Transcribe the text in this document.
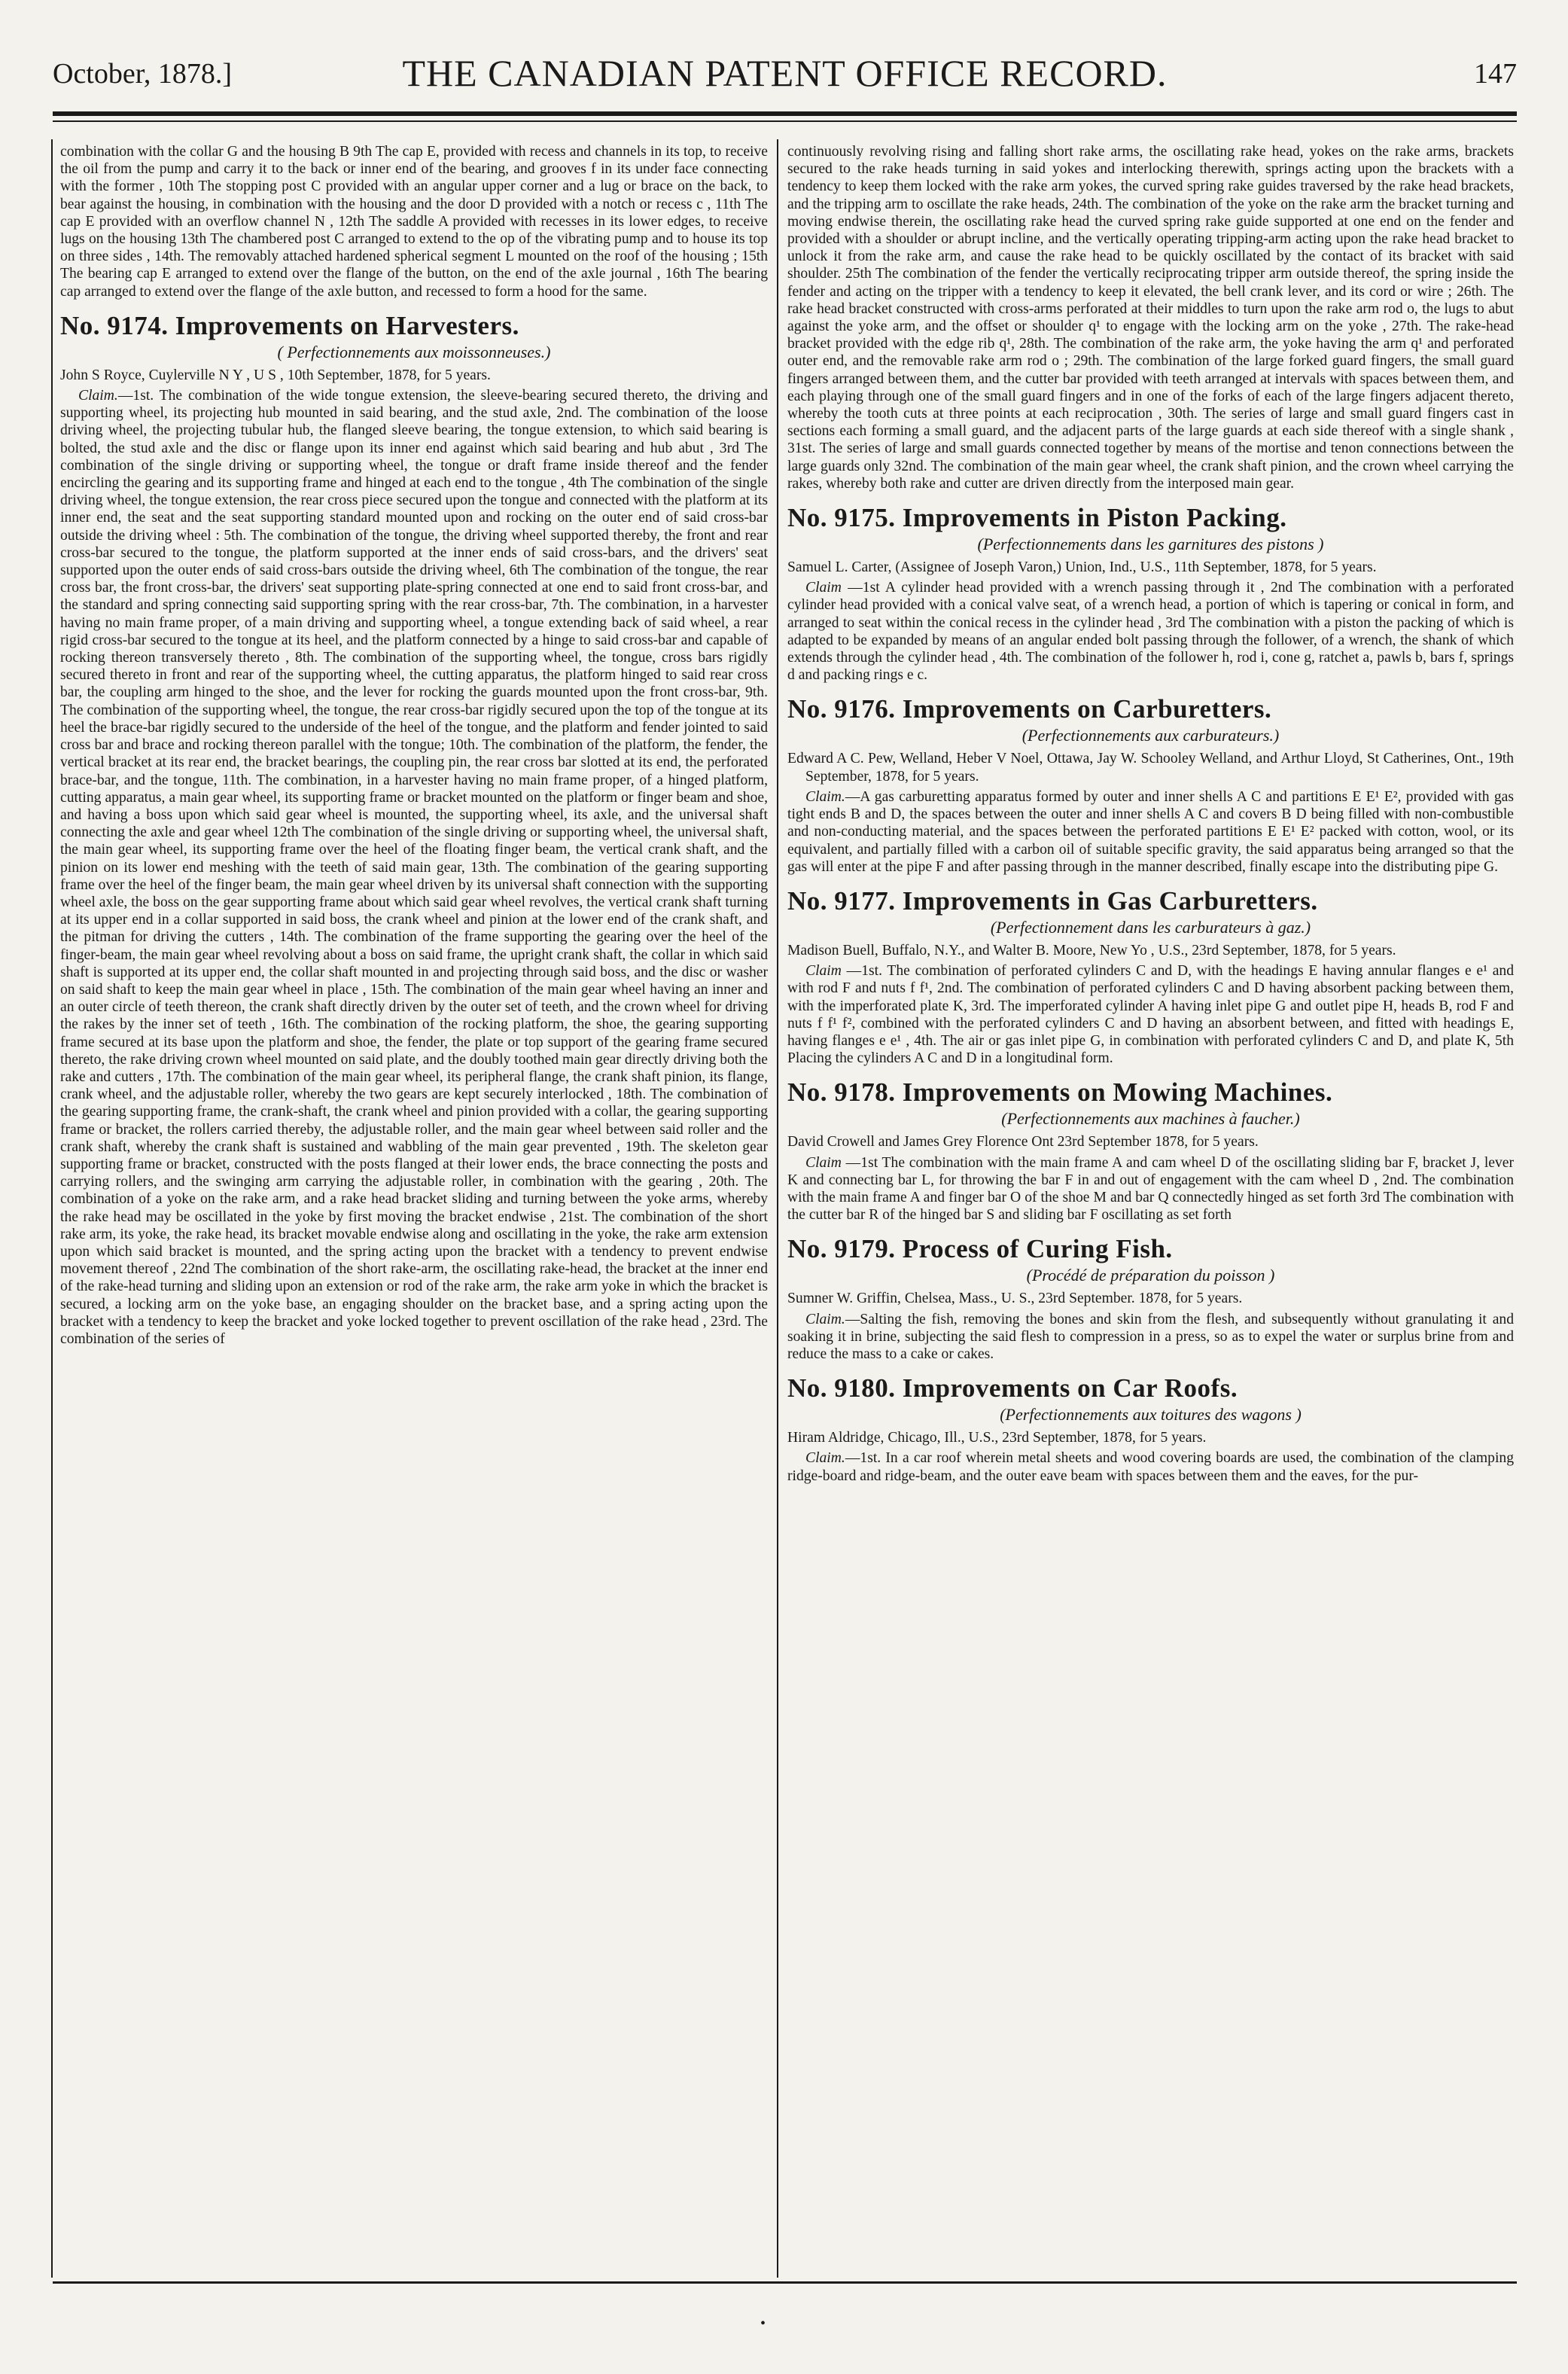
October, 1878.]	THE CANADIAN PATENT OFFICE RECORD.	147

combination with the collar G and the housing B 9th The cap E, provided with recess and channels in its top, to receive the oil from the pump and carry it to the back or inner end of the bearing, and grooves f in its under face connecting with the former , 10th The stopping post C provided with an angular upper corner and a lug or brace on the back, to bear against the housing, in combination with the housing and the door D provided with a notch or recess c , 11th The cap E provided with an overflow channel N , 12th The saddle A provided with recesses in its lower edges, to receive lugs on the housing 13th The chambered post C arranged to extend to the op of the vibrating pump and to house its top on three sides , 14th. The removably attached hardened spherical segment L mounted on the roof of the housing ; 15th The bearing cap E arranged to extend over the flange of the button, on the end of the axle journal , 16th The bearing cap arranged to extend over the flange of the axle button, and recessed to form a hood for the same.

No. 9174. Improvements on Harvesters.
( Perfectionnements aux moissonneuses.)

John S Royce, Cuylerville N Y , U S , 10th September, 1878, for 5 years.

Claim.—1st. The combination of the wide tongue extension, the sleeve-bearing secured thereto, the driving and supporting wheel, its projecting hub mounted in said bearing, and the stud axle, 2nd. The combination of the loose driving wheel, the projecting tubular hub, the flanged sleeve bearing, the tongue extension, to which said bearing is bolted, the stud axle and the disc or flange upon its inner end against which said bearing and hub abut , 3rd The combination of the single driving or supporting wheel, the tongue or draft frame inside thereof and the fender encircling the gearing and its supporting frame and hinged at each end to the tongue , 4th The combination of the single driving wheel, the tongue extension, the rear cross piece secured upon the tongue and connected with the platform at its inner end, the seat and the seat supporting standard mounted upon and rocking on the outer end of said cross-bar outside the driving wheel : 5th. The combination of the tongue, the driving wheel supported thereby, the front and rear cross-bar secured to the tongue, the platform supported at the inner ends of said cross-bars, and the drivers' seat supported upon the outer ends of said cross-bars outside the driving wheel, 6th The combination of the tongue, the rear cross bar, the front cross-bar, the drivers' seat supporting plate-spring connected at one end to said front cross-bar, and the standard and spring connecting said supporting spring with the rear cross-bar, 7th. The combination, in a harvester having no main frame proper, of a main driving and supporting wheel, a tongue extending back of said wheel, a rear rigid cross-bar secured to the tongue at its heel, and the platform connected by a hinge to said cross-bar and capable of rocking thereon transversely thereto , 8th. The combination of the supporting wheel, the tongue, cross bars rigidly secured thereto in front and rear of the supporting wheel, the cutting apparatus, the platform hinged to said rear cross bar, the coupling arm hinged to the shoe, and the lever for rocking the guards mounted upon the front cross-bar, 9th. The combination of the supporting wheel, the tongue, the rear cross-bar rigidly secured upon the top of the tongue at its heel the brace-bar rigidly secured to the underside of the heel of the tongue, and the platform and fender jointed to said cross bar and brace and rocking thereon parallel with the tongue; 10th. The combination of the platform, the fender, the vertical bracket at its rear end, the bracket bearings, the coupling pin, the rear cross bar slotted at its end, the perforated brace-bar, and the tongue, 11th. The combination, in a harvester having no main frame proper, of a hinged platform, cutting apparatus, a main gear wheel, its supporting frame or bracket mounted on the platform or finger beam and shoe, and having a boss upon which said gear wheel is mounted, the supporting wheel, its axle, and the universal shaft connecting the axle and gear wheel 12th The combination of the single driving or supporting wheel, the universal shaft, the main gear wheel, its supporting frame over the heel of the floating finger beam, the vertical crank shaft, and the pinion on its lower end meshing with the teeth of said main gear, 13th. The combination of the gearing supporting frame over the heel of the finger beam, the main gear wheel driven by its universal shaft connection with the supporting wheel axle, the boss on the gear supporting frame about which said gear wheel revolves, the vertical crank shaft turning at its upper end in a collar supported in said boss, the crank wheel and pinion at the lower end of the crank shaft, and the pitman for driving the cutters , 14th. The combination of the frame supporting the gearing over the heel of the finger-beam, the main gear wheel revolving about a boss on said frame, the upright crank shaft, the collar in which said shaft is supported at its upper end, the collar shaft mounted in and projecting through said boss, and the disc or washer on said shaft to keep the main gear wheel in place , 15th. The combination of the main gear wheel having an inner and an outer circle of teeth thereon, the crank shaft directly driven by the outer set of teeth, and the crown wheel for driving the rakes by the inner set of teeth , 16th. The combination of the rocking platform, the shoe, the gearing supporting frame secured at its base upon the platform and shoe, the fender, the plate or top support of the gearing frame secured thereto, the rake driving crown wheel mounted on said plate, and the doubly toothed main gear directly driving both the rake and cutters , 17th. The combination of the main gear wheel, its peripheral flange, the crank shaft pinion, its flange, crank wheel, and the adjustable roller, whereby the two gears are kept securely interlocked , 18th. The combination of the gearing supporting frame, the crank-shaft, the crank wheel and pinion provided with a collar, the gearing supporting frame or bracket, the rollers carried thereby, the adjustable roller, and the main gear wheel between said roller and the crank shaft, whereby the crank shaft is sustained and wabbling of the main gear prevented , 19th. The skeleton gear supporting frame or bracket, constructed with the posts flanged at their lower ends, the brace connecting the posts and carrying rollers, and the swinging arm carrying the adjustable roller, in combination with the gearing , 20th. The combination of a yoke on the rake arm, and a rake head bracket sliding and turning between the yoke arms, whereby the rake head may be oscillated in the yoke by first moving the bracket endwise , 21st. The combination of the short rake arm, its yoke, the rake head, its bracket movable endwise along and oscillating in the yoke, the rake arm extension upon which said bracket is mounted, and the spring acting upon the bracket with a tendency to prevent endwise movement thereof , 22nd The combination of the short rake-arm, the oscillating rake-head, the bracket at the inner end of the rake-head turning and sliding upon an extension or rod of the rake arm, the rake arm yoke in which the bracket is secured, a locking arm on the yoke base, an engaging shoulder on the bracket base, and a spring acting upon the bracket with a tendency to keep the bracket and yoke locked together to prevent oscillation of the rake head , 23rd. The combination of the series of

continuously revolving rising and falling short rake arms, the oscillating rake head, yokes on the rake arms, brackets secured to the rake heads turning in said yokes and interlocking therewith, springs acting upon the brackets with a tendency to keep them locked with the rake arm yokes, the curved spring rake guides traversed by the rake head brackets, and the tripping arm to oscillate the rake heads, 24th. The combination of the yoke on the rake arm the bracket turning and moving endwise therein, the oscillating rake head the curved spring rake guide supported at one end on the fender and provided with a shoulder or abrupt incline, and the vertically operating tripping-arm acting upon the rake head bracket to unlock it from the rake arm, and cause the rake head to be quickly oscillated by the contact of its bracket with said shoulder. 25th The combination of the fender the vertically reciprocating tripper arm outside thereof, the spring inside the fender and acting on the tripper with a tendency to keep it elevated, the bell crank lever, and its cord or wire ; 26th. The rake head bracket constructed with cross-arms perforated at their middles to turn upon the rake arm rod o, the lugs to abut against the yoke arm, and the offset or shoulder q¹ to engage with the locking arm on the yoke , 27th. The rake-head bracket provided with the edge rib q¹, 28th. The combination of the rake arm, the yoke having the arm q¹ and perforated outer end, and the removable rake arm rod o ; 29th. The combination of the large forked guard fingers, the small guard fingers arranged between them, and the cutter bar provided with teeth arranged at intervals with spaces between them, and each playing through one of the small guard fingers and in one of the forks of each of the large fingers adjacent thereto, whereby the tooth cuts at three points at each reciprocation , 30th. The series of large and small guard fingers cast in sections each forming a small guard, and the adjacent parts of the large guards at each side thereof with a single shank , 31st. The series of large and small guards connected together by means of the mortise and tenon connections between the large guards only 32nd. The combination of the main gear wheel, the crank shaft pinion, and the crown wheel carrying the rakes, whereby both rake and cutter are driven directly from the interposed main gear.

No. 9175. Improvements in Piston Packing.
(Perfectionnements dans les garnitures des pistons )

Samuel L. Carter, (Assignee of Joseph Varon,) Union, Ind., U.S., 11th September, 1878, for 5 years.

Claim —1st A cylinder head provided with a wrench passing through it , 2nd The combination with a perforated cylinder head provided with a conical valve seat, of a wrench head, a portion of which is tapering or conical in form, and arranged to seat within the conical recess in the cylinder head , 3rd The combination with a piston the packing of which is adapted to be expanded by means of an angular ended bolt passing through the follower, of a wrench, the shank of which extends through the cylinder head , 4th. The combination of the follower h, rod i, cone g, ratchet a, pawls b, bars f, springs d and packing rings e c.

No. 9176. Improvements on Carburetters.
(Perfectionnements aux carburateurs.)

Edward A C. Pew, Welland, Heber V Noel, Ottawa, Jay W. Schooley Welland, and Arthur Lloyd, St Catherines, Ont., 19th September, 1878, for 5 years.

Claim.—A gas carburetting apparatus formed by outer and inner shells A C and partitions E E¹ E², provided with gas tight ends B and D, the spaces between the outer and inner shells A C and covers B D being filled with non-combustible and non-conducting material, and the spaces between the perforated partitions E E¹ E² packed with cotton, wool, or its equivalent, and partially filled with a carbon oil of suitable specific gravity, the said apparatus being arranged so that the gas will enter at the pipe F and after passing through in the manner described, finally escape into the distributing pipe G.

No. 9177. Improvements in Gas Carburetters.
(Perfectionnement dans les carburateurs à gaz.)

Madison Buell, Buffalo, N.Y., and Walter B. Moore, New Yo , U.S., 23rd September, 1878, for 5 years.

Claim —1st. The combination of perforated cylinders C and D, with the headings E having annular flanges e e¹ and with rod F and nuts f f¹, 2nd. The combination of perforated cylinders C and D having absorbent packing between them, with the imperforated plate K, 3rd. The imperforated cylinder A having inlet pipe G and outlet pipe H, heads B, rod F and nuts f f¹ f², combined with the perforated cylinders C and D having an absorbent between, and fitted with headings E, having flanges e e¹ , 4th. The air or gas inlet pipe G, in combination with perforated cylinders C and D, and plate K, 5th Placing the cylinders A C and D in a longitudinal form.

No. 9178. Improvements on Mowing Machines.
(Perfectionnements aux machines à faucher.)

David Crowell and James Grey Florence Ont 23rd September 1878, for 5 years.

Claim —1st The combination with the main frame A and cam wheel D of the oscillating sliding bar F, bracket J, lever K and connecting bar L, for throwing the bar F in and out of engagement with the cam wheel D , 2nd. The combination with the main frame A and finger bar O of the shoe M and bar Q connectedly hinged as set forth 3rd The combination with the cutter bar R of the hinged bar S and sliding bar F oscillating as set forth

No. 9179. Process of Curing Fish.
(Procédé de préparation du poisson )

Sumner W. Griffin, Chelsea, Mass., U. S., 23rd September. 1878, for 5 years.

Claim.—Salting the fish, removing the bones and skin from the flesh, and subsequently without granulating it and soaking it in brine, subjecting the said flesh to compression in a press, so as to expel the water or surplus brine from and reduce the mass to a cake or cakes.

No. 9180. Improvements on Car Roofs.
(Perfectionnements aux toitures des wagons )

Hiram Aldridge, Chicago, Ill., U.S., 23rd September, 1878, for 5 years.

Claim.—1st. In a car roof wherein metal sheets and wood covering boards are used, the combination of the clamping ridge-board and ridge-beam, and the outer eave beam with spaces between them and the eaves, for the pur-

•
